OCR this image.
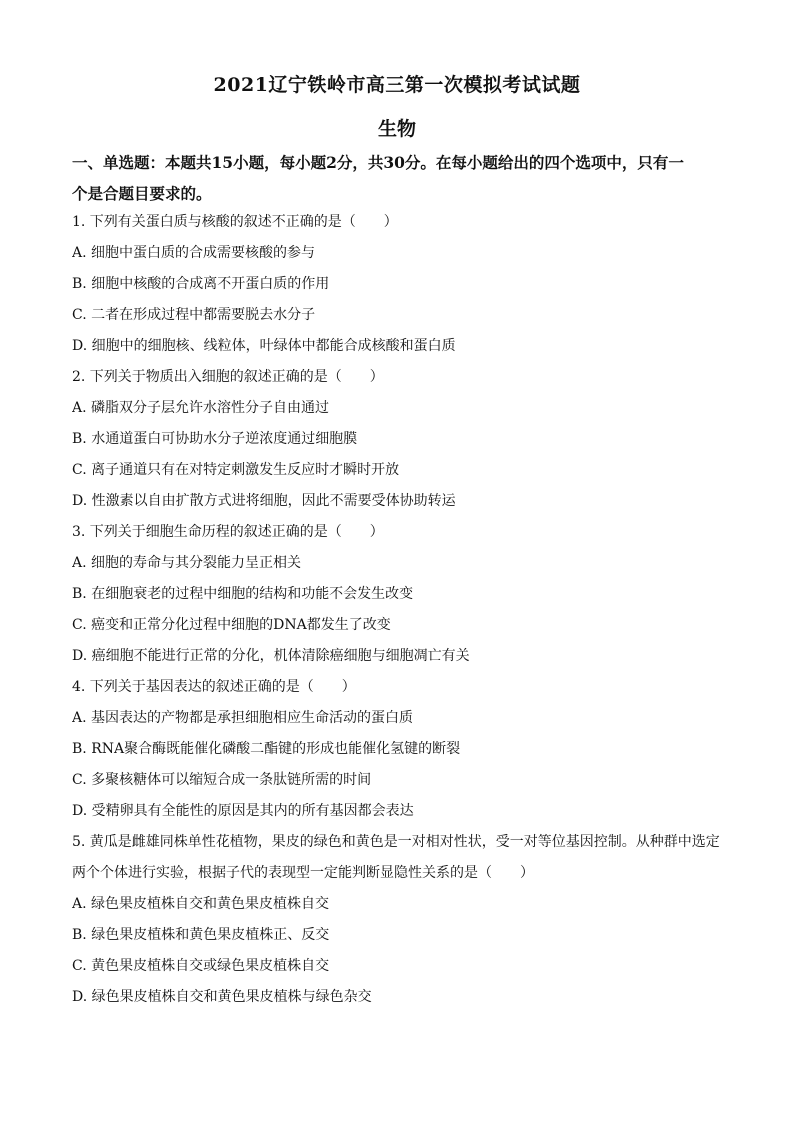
2021辽宁铁岭市高三第一次模拟考试试题
生物
一、单选题：本题共15小题，每小题2分，共30分。在每小题给出的四个选项中，只有一
个是合题目要求的。
1. 下列有关蛋白质与核酸的叙述不正确的是（　　）
A. 细胞中蛋白质的合成需要核酸的参与
B. 细胞中核酸的合成离不开蛋白质的作用
C. 二者在形成过程中都需要脱去水分子
D. 细胞中的细胞核、线粒体，叶绿体中都能合成核酸和蛋白质
2. 下列关于物质出入细胞的叙述正确的是（　　）
A. 磷脂双分子层允许水溶性分子自由通过
B. 水通道蛋白可协助水分子逆浓度通过细胞膜
C. 离子通道只有在对特定刺激发生反应时才瞬时开放
D. 性激素以自由扩散方式进将细胞，因此不需要受体协助转运
3. 下列关于细胞生命历程的叙述正确的是（　　）
A. 细胞的寿命与其分裂能力呈正相关
B. 在细胞衰老的过程中细胞的结构和功能不会发生改变
C. 癌变和正常分化过程中细胞的DNA都发生了改变
D. 癌细胞不能进行正常的分化，机体清除癌细胞与细胞凋亡有关
4. 下列关于基因表达的叙述正确的是（　　）
A. 基因表达的产物都是承担细胞相应生命活动的蛋白质
B. RNA聚合酶既能催化磷酸二酯键的形成也能催化氢键的断裂
C. 多聚核糖体可以缩短合成一条肽链所需的时间
D. 受精卵具有全能性的原因是其内的所有基因都会表达
5. 黄瓜是雌雄同株单性花植物，果皮的绿色和黄色是一对相对性状，受一对等位基因控制。从种群中选定
两个个体进行实验，根据子代的表现型一定能判断显隐性关系的是（　　）
A. 绿色果皮植株自交和黄色果皮植株自交
B. 绿色果皮植株和黄色果皮植株正、反交
C. 黄色果皮植株自交或绿色果皮植株自交
D. 绿色果皮植株自交和黄色果皮植株与绿色杂交
